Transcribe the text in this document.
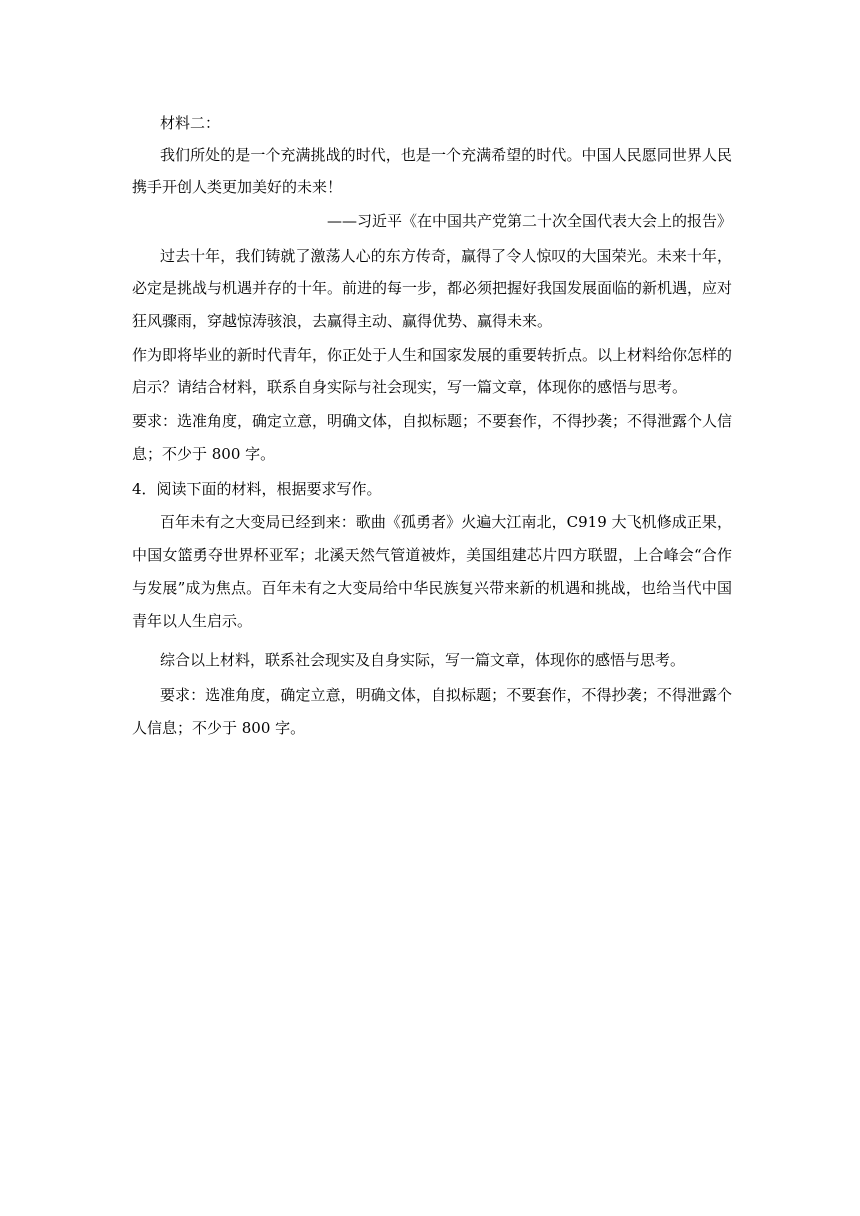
材料二：
我们所处的是一个充满挑战的时代，也是一个充满希望的时代。中国人民愿同世界人民
携手开创人类更加美好的未来！
——习近平《在中国共产党第二十次全国代表大会上的报告》
过去十年，我们铸就了激荡人心的东方传奇，赢得了令人惊叹的大国荣光。未来十年，
必定是挑战与机遇并存的十年。前进的每一步，都必须把握好我国发展面临的新机遇，应对
狂风骤雨，穿越惊涛骇浪，去赢得主动、赢得优势、赢得未来。
作为即将毕业的新时代青年，你正处于人生和国家发展的重要转折点。以上材料给你怎样的
启示？请结合材料，联系自身实际与社会现实，写一篇文章，体现你的感悟与思考。
要求：选准角度，确定立意，明确文体，自拟标题；不要套作，不得抄袭；不得泄露个人信
息；不少于 800 字。
4．阅读下面的材料，根据要求写作。
百年未有之大变局已经到来：歌曲《孤勇者》火遍大江南北，C919 大飞机修成正果，
中国女篮勇夺世界杯亚军；北溪天然气管道被炸，美国组建芯片四方联盟，上合峰会“合作
与发展”成为焦点。百年未有之大变局给中华民族复兴带来新的机遇和挑战，也给当代中国
青年以人生启示。
综合以上材料，联系社会现实及自身实际，写一篇文章，体现你的感悟与思考。
要求：选准角度，确定立意，明确文体，自拟标题；不要套作，不得抄袭；不得泄露个
人信息；不少于 800 字。
